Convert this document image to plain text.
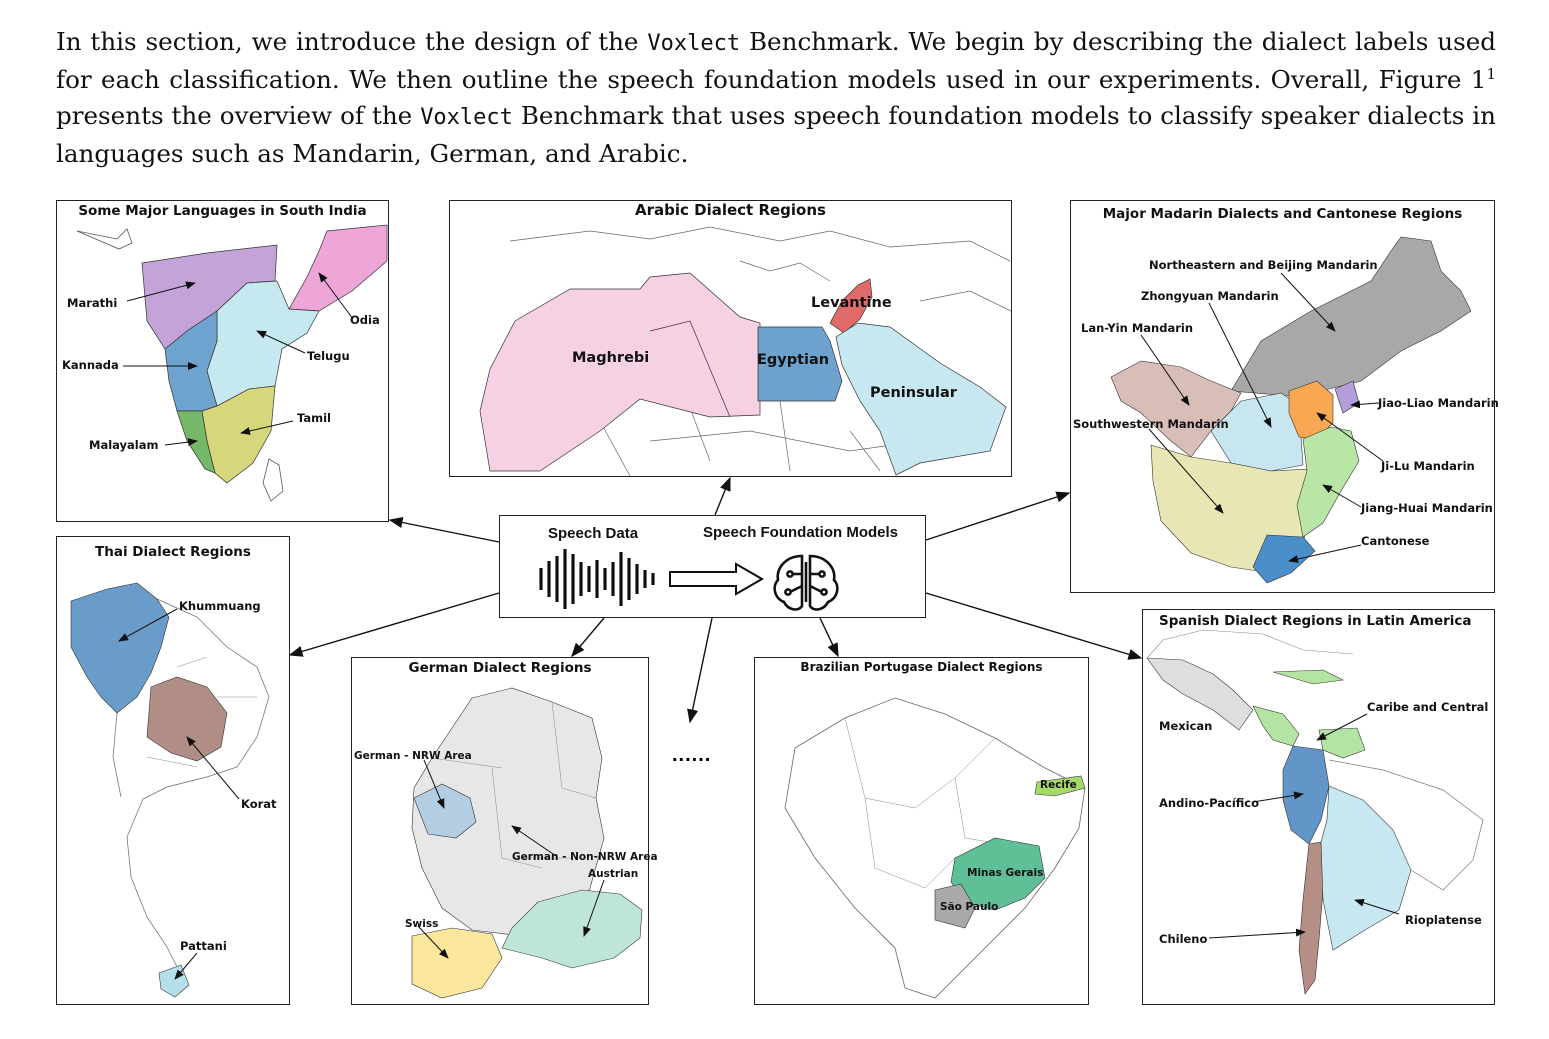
In this section, we introduce the design of the Voxlect Benchmark. We begin by describing the dialect labels used for each classification. We then outline the speech foundation models used in our experiments. Overall, Figure $1^1$ presents the overview of the Voxlect Benchmark that uses speech foundation models to classify speaker dialects in languages such as Mandarin, German, and Arabic.
Some Major Languages in South India
Marathi
Odia
Telugu
Kannada
Tamil
Malayalam
Arabic Dialect Regions
Levantine
Maghrebi	Egyptian
Peninsular
Major Madarin Dialects and Cantonese Regions
Northeastern and Beijing Mandarin
Zhongyuan Mandarin
Lan-Yin Mandarin
Jiao-Liao Mandarin
Southwestern Mandarin
Ji-Lu Mandarin
Jiang-Huai Mandarin
Cantonese
Speech Data	Speech Foundation Models
......
Thai Dialect Regions
Khummuang
Korat
Pattani
German Dialect Regions
German - NRW Area
German - Non-NRW Area
Austrian
Swiss
Brazilian Portugase Dialect Regions
Recife
Minas Gerais
São Paulo
Spanish Dialect Regions in Latin America
Mexican
Caribe and Central
Andino-Pacífico
Rioplatense
Chileno
